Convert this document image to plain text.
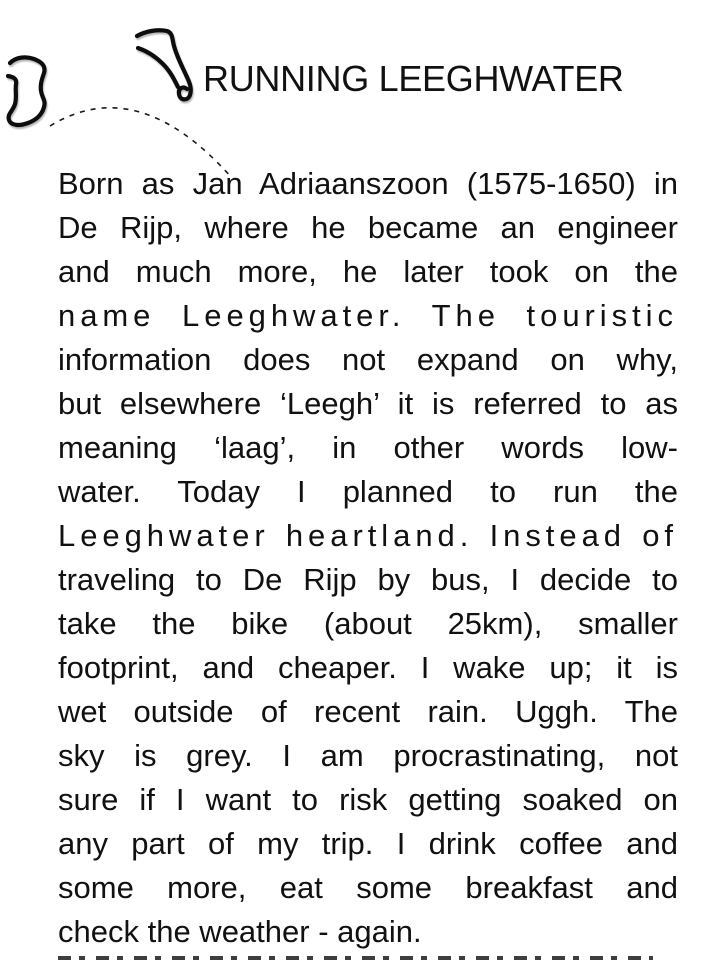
RUNNING LEEGHWATER
Born as Jan Adriaanszoon (1575-1650) in
De Rijp, where he became an engineer
and much more, he later took on the
name Leeghwater. The touristic
information does not expand on why,
but elsewhere ‘Leegh’ it is referred to as
meaning ‘laag’, in other words low-
water. Today I planned to run the
Leeghwater heartland. Instead of
traveling to De Rijp by bus, I decide to
take the bike (about 25km), smaller
footprint, and cheaper. I wake up; it is
wet outside of recent rain. Uggh. The
sky is grey. I am procrastinating, not
sure if I want to risk getting soaked on
any part of my trip. I drink coffee and
some more, eat some breakfast and
check the weather - again.
